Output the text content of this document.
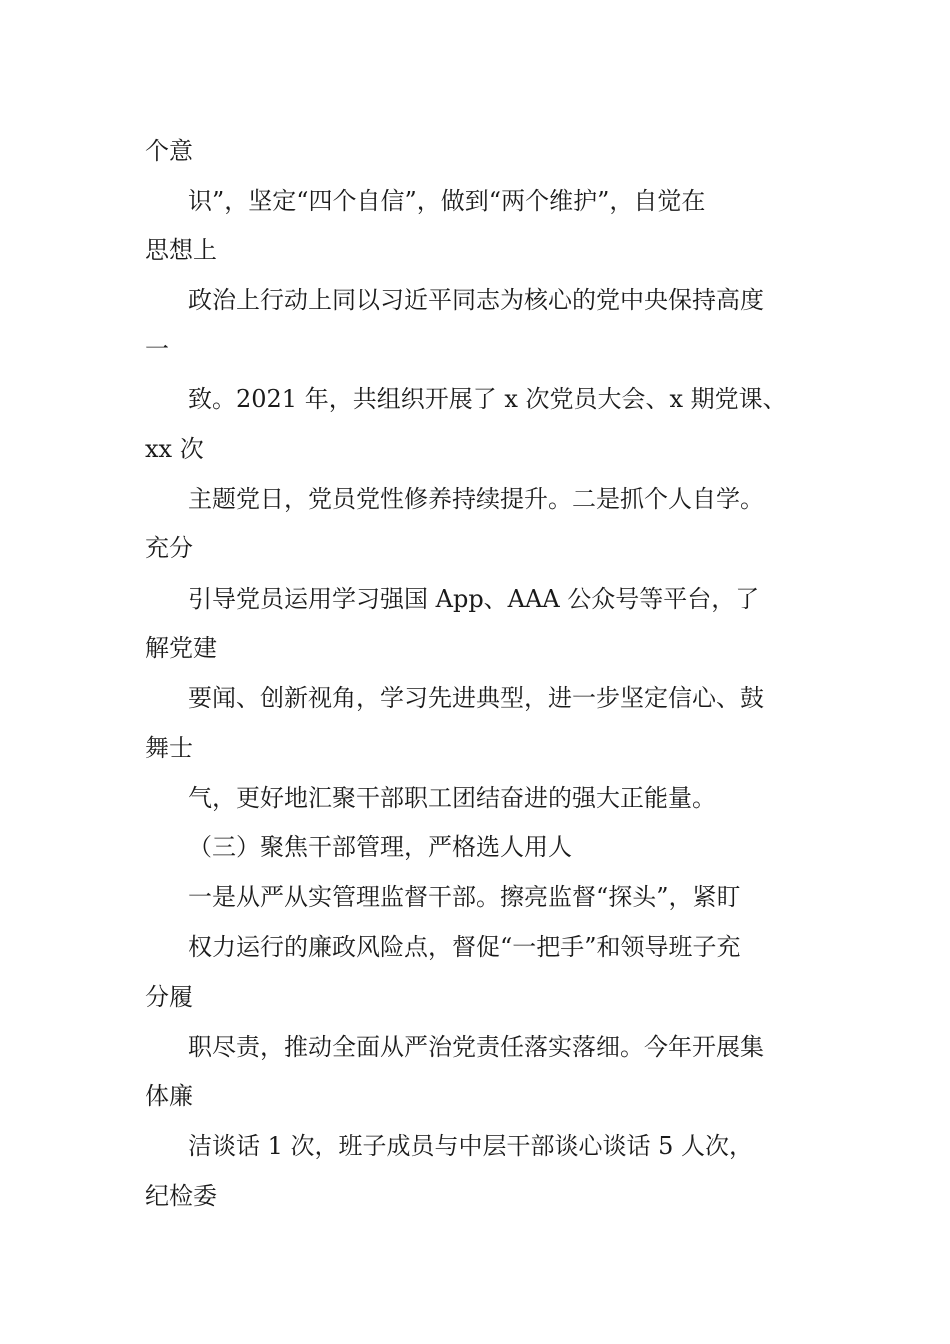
个意
识”，坚定“四个自信”，做到“两个维护”，自觉在
思想上
政治上行动上同以习近平同志为核心的党中央保持高度
一
致。2021 年，共组织开展了 x 次党员大会、x 期党课、
xx 次
主题党日，党员党性修养持续提升。二是抓个人自学。
充分
引导党员运用学习强国 App、AAA 公众号等平台，了
解党建
要闻、创新视角，学习先进典型，进一步坚定信心、鼓
舞士
气，更好地汇聚干部职工团结奋进的强大正能量。
（三）聚焦干部管理，严格选人用人
一是从严从实管理监督干部。擦亮监督“探头”，紧盯
权力运行的廉政风险点，督促“一把手”和领导班子充
分履
职尽责，推动全面从严治党责任落实落细。今年开展集
体廉
洁谈话 1 次，班子成员与中层干部谈心谈话 5 人次，
纪检委
